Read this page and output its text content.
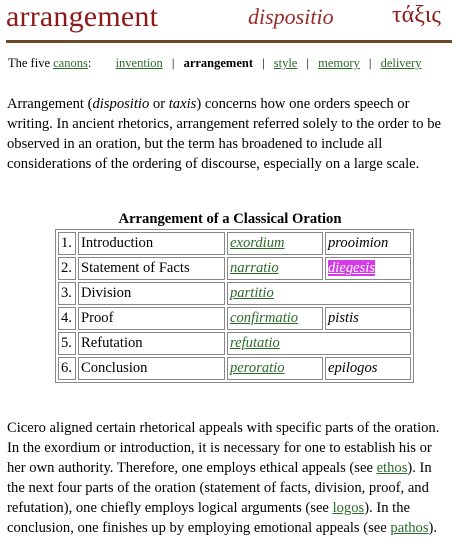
arrangement	dispositio τάξις
The five canons: invention | arrangement | style | memory | delivery
Arrangement (dispositio or taxis) concerns how one orders speech or writing. In ancient rhetorics, arrangement referred solely to the order to be observed in an oration, but the term has broadened to include all considerations of the ordering of discourse, especially on a large scale.
Arrangement of a Classical Oration
1.	Introduction	exordium	prooimion
2.	Statement of Facts	narratio	diegesis
3.	Division	partitio	
4.	Proof	confirmatio	pistis
5.	Refutation	refutatio	
6.	Conclusion	peroratio	epilogos
Cicero aligned certain rhetorical appeals with specific parts of the oration. In the exordium or introduction, it is necessary for one to establish his or her own authority. Therefore, one employs ethical appeals (see ethos). In the next four parts of the oration (statement of facts, division, proof, and refutation), one chiefly employs logical arguments (see logos). In the conclusion, one finishes up by employing emotional appeals (see pathos).
